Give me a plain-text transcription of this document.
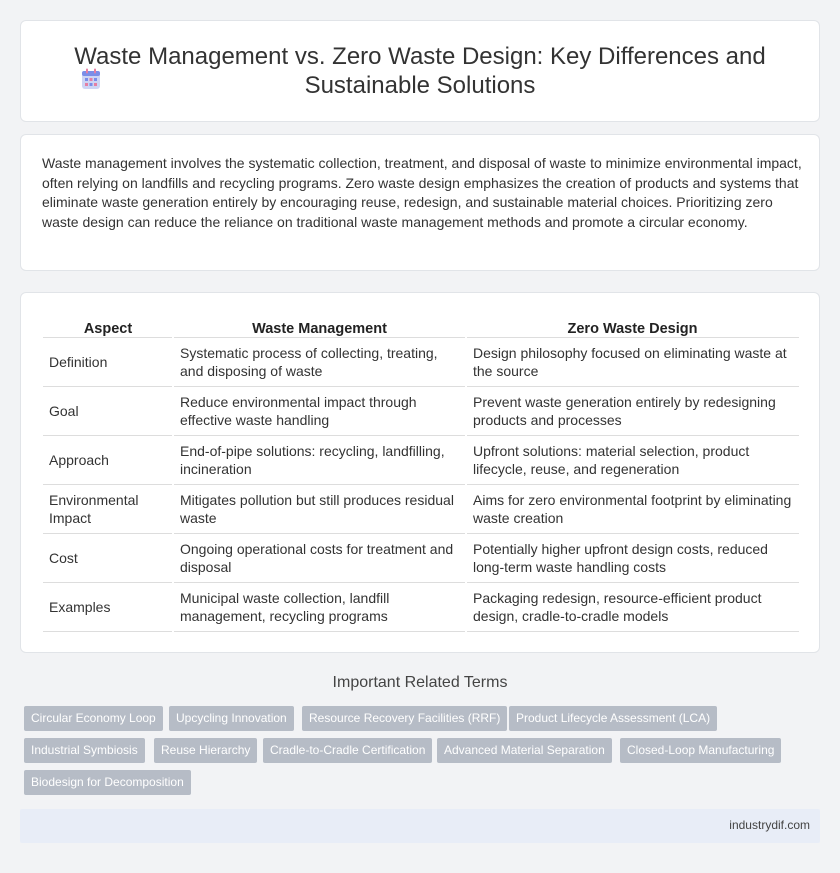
Waste Management vs. Zero Waste Design: Key Differences and Sustainable Solutions

Waste management involves the systematic collection, treatment, and disposal of waste to minimize environmental impact, often relying on landfills and recycling programs. Zero waste design emphasizes the creation of products and systems that eliminate waste generation entirely by encouraging reuse, redesign, and sustainable material choices. Prioritizing zero waste design can reduce the reliance on traditional waste management methods and promote a circular economy.

Aspect	Waste Management	Zero Waste Design
Definition	Systematic process of collecting, treating, and disposing of waste	Design philosophy focused on eliminating waste at the source
Goal	Reduce environmental impact through effective waste handling	Prevent waste generation entirely by redesigning products and processes
Approach	End-of-pipe solutions: recycling, landfilling, incineration	Upfront solutions: material selection, product lifecycle, reuse, and regeneration
Environmental Impact	Mitigates pollution but still produces residual waste	Aims for zero environmental footprint by eliminating waste creation
Cost	Ongoing operational costs for treatment and disposal	Potentially higher upfront design costs, reduced long-term waste handling costs
Examples	Municipal waste collection, landfill management, recycling programs	Packaging redesign, resource-efficient product design, cradle-to-cradle models
Important Related Terms
Circular Economy Loop	Upcycling Innovation	Resource Recovery Facilities (RRF)	Product Lifecycle Assessment (LCA)
Industrial Symbiosis	Reuse Hierarchy	Cradle-to-Cradle Certification	Advanced Material Separation	Closed-Loop Manufacturing
Biodesign for Decomposition
industrydif.com
